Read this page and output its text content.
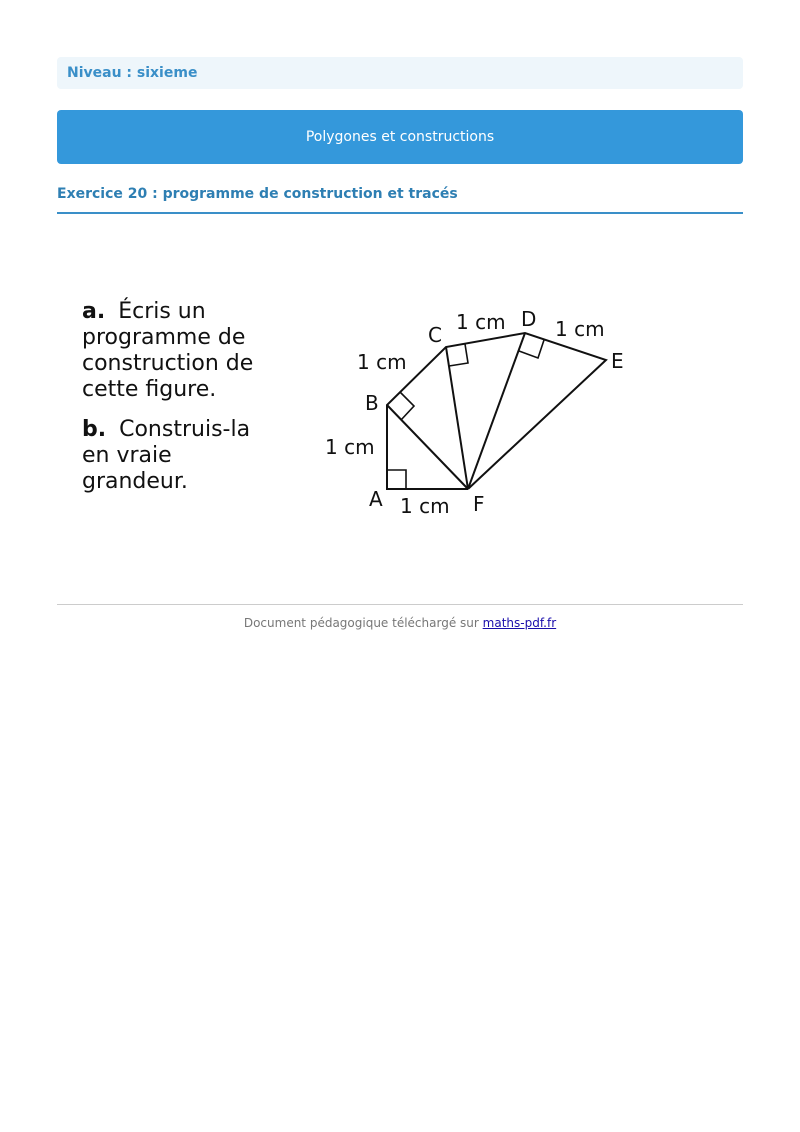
Niveau : sixieme
Polygones et constructions
Exercice 20 : programme de construction et tracés
a. Écris un
programme de
construction de
cette figure.
b. Construis-la
en vraie
grandeur.
A
B
C
D
E
F
1 cm
1 cm
1 cm
1 cm 1 cm
Document pédagogique téléchargé sur maths-pdf.fr
